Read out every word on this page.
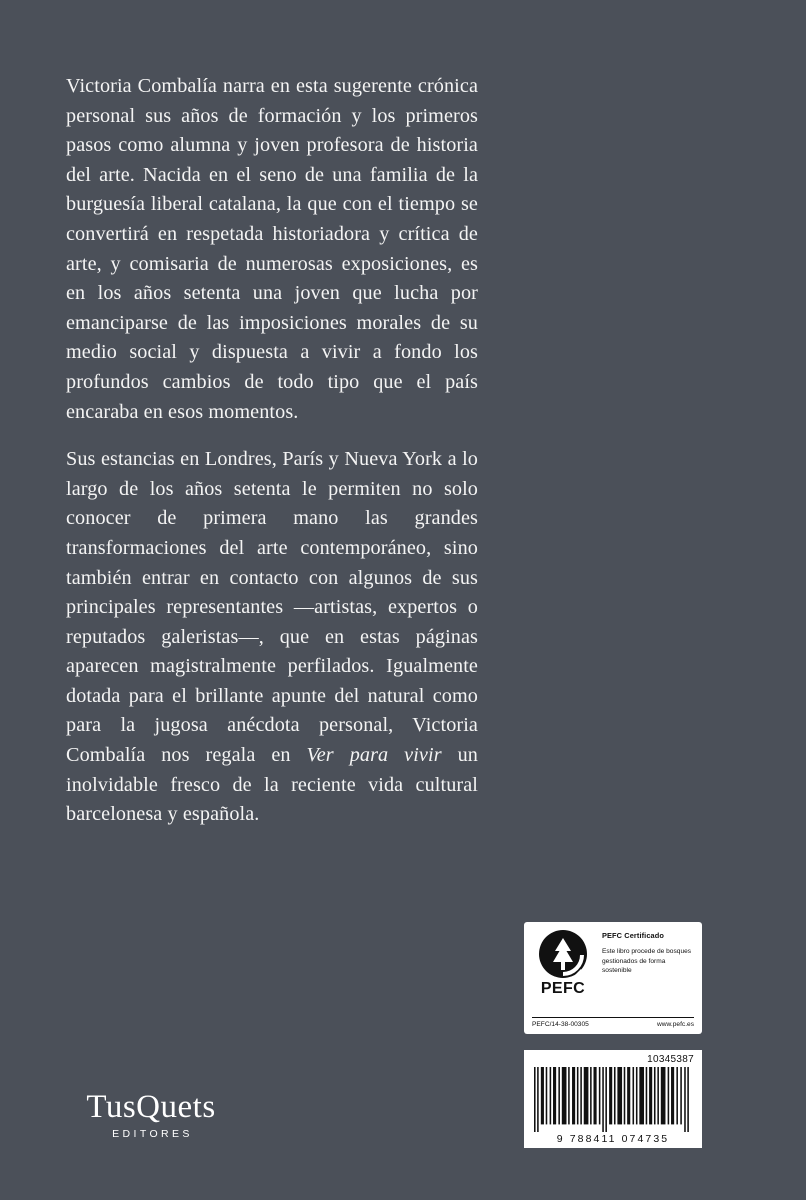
Victoria Combalía narra en esta sugerente crónica personal sus años de formación y los primeros pasos como alumna y joven profesora de historia del arte. Nacida en el seno de una familia de la burguesía liberal catalana, la que con el tiempo se convertirá en respetada historiadora y crítica de arte, y comisaria de numerosas exposiciones, es en los años setenta una joven que lucha por emanciparse de las imposiciones morales de su medio social y dispuesta a vivir a fondo los profundos cambios de todo tipo que el país encaraba en esos momentos.

Sus estancias en Londres, París y Nueva York a lo largo de los años setenta le permiten no solo conocer de primera mano las grandes transformaciones del arte contemporáneo, sino también entrar en contacto con algunos de sus principales representantes —artistas, expertos o reputados galeristas—, que en estas páginas aparecen magistralmente perfilados. Igualmente dotada para el brillante apunte del natural como para la jugosa anécdota personal, Victoria Combalía nos regala en Ver para vivir un inolvidable fresco de la reciente vida cultural barcelonesa y española.

PEFC
PEFC Certificado
Este libro procede de bosques gestionados de forma sostenible
PEFC/14-38-00305	www.pefc.es
10345387
9 788411 074735
TusQuets
EDITORES
